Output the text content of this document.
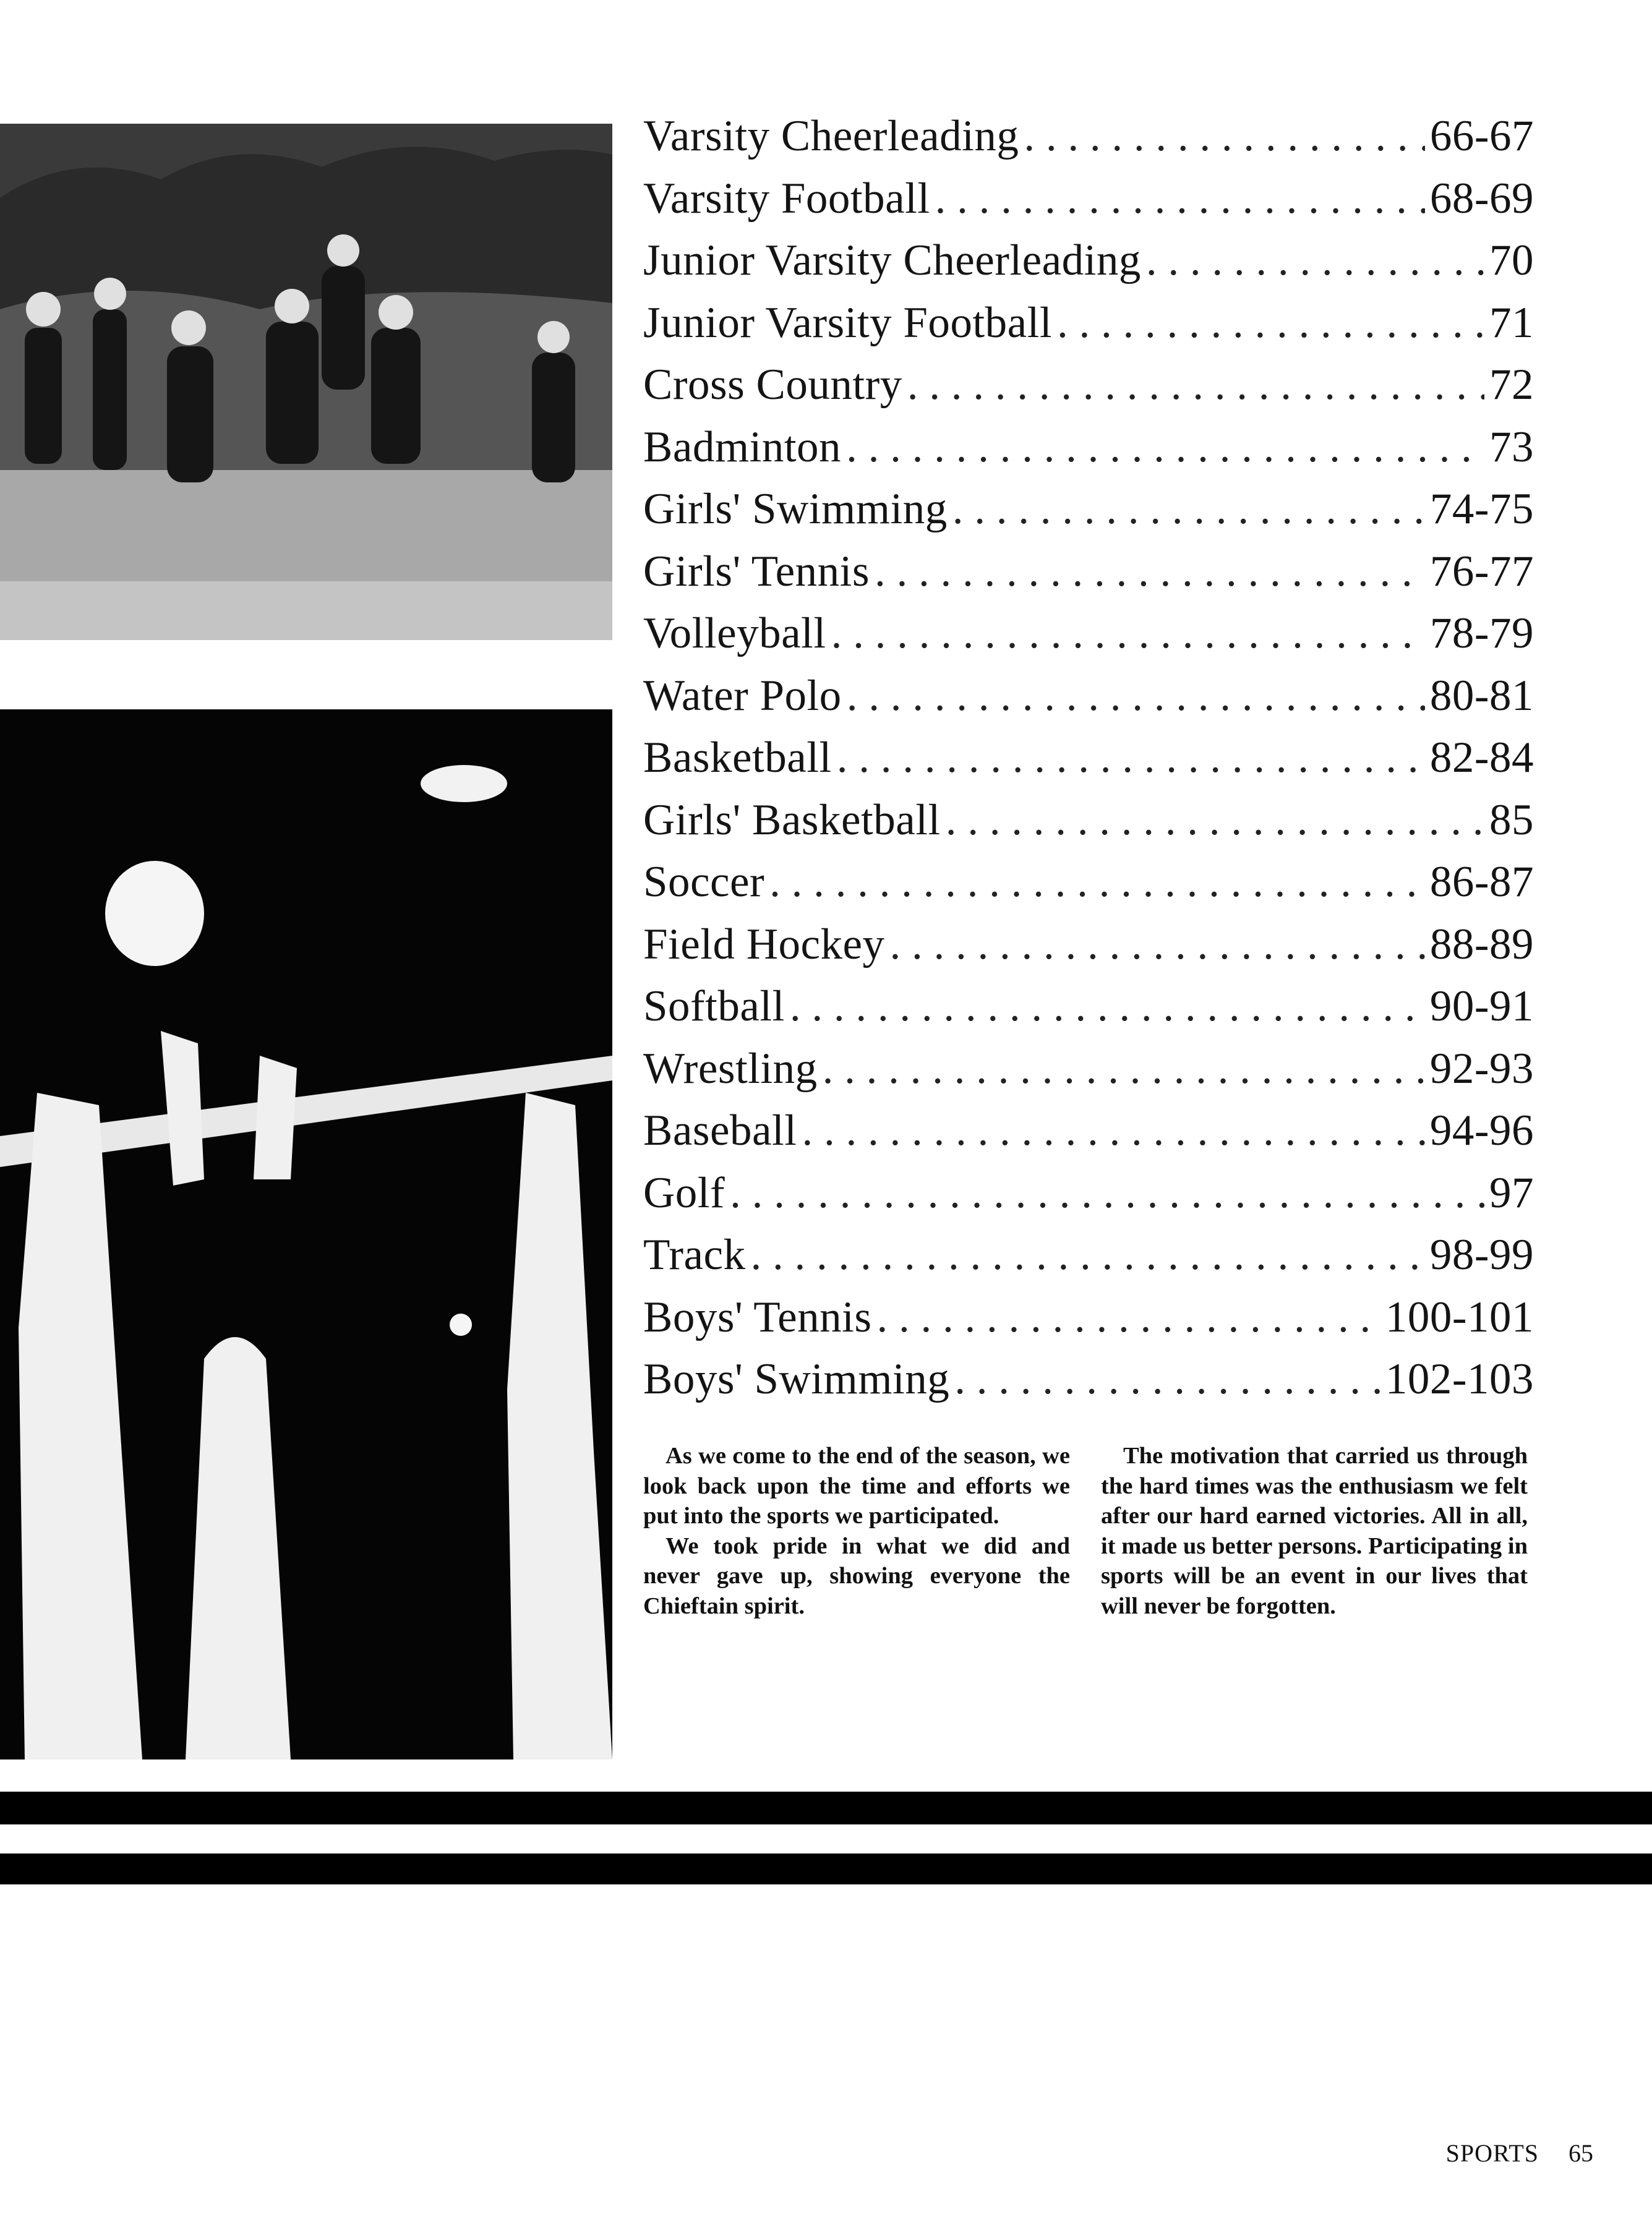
Varsity Cheerleading . . .	66-67
Varsity Football . . .	68-69
Junior Varsity Cheerleading . . .	70
Junior Varsity Football . . .	71
Cross Country . . .	72
Badminton . . .	73
Girls' Swimming . . .	74-75
Girls' Tennis . . .	76-77
Volleyball . . .	78-79
Water Polo . . .	80-81
Basketball . . .	82-84
Girls' Basketball . . .	85
Soccer . . .	86-87
Field Hockey . . .	88-89
Softball . . .	90-91
Wrestling . . .	92-93
Baseball . . .	94-96
Golf . . .	97
Track . . .	98-99
Boys' Tennis . . .	100-101
Boys' Swimming . . .	102-103

As we come to the end of the season, we look back upon the time and efforts we put into the sports we participated.

We took pride in what we did and never gave up, showing everyone the Chieftain spirit.

The motivation that carried us through the hard times was the enthusiasm we felt after our hard earned victories. All in all, it made us better persons. Participating in sports will be an event in our lives that will never be forgotten.

SPORTS 65
